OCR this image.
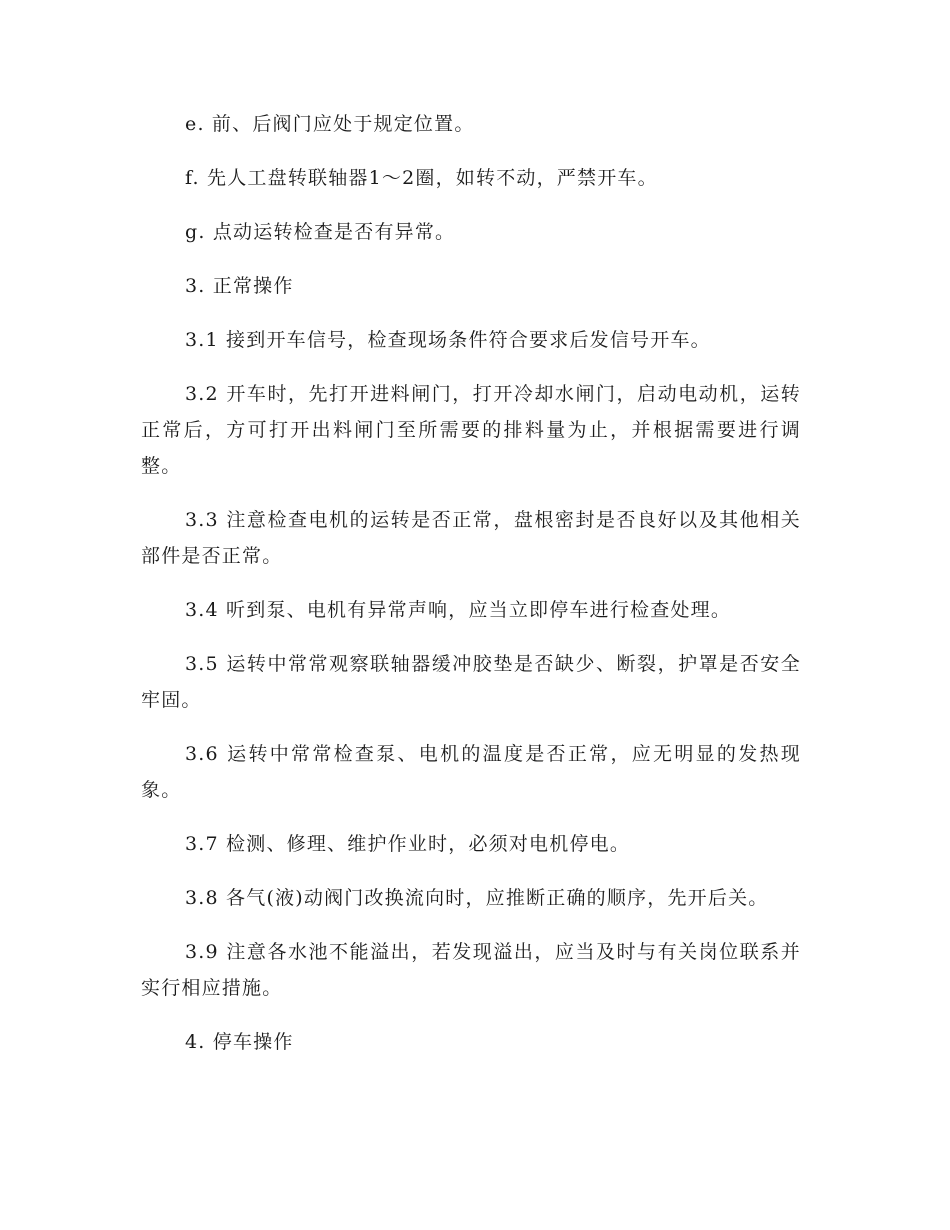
e. 前、后阀门应处于规定位置。

f. 先人工盘转联轴器1～2圈，如转不动，严禁开车。

g. 点动运转检查是否有异常。

3. 正常操作

3.1 接到开车信号，检查现场条件符合要求后发信号开车。

3.2 开车时，先打开进料闸门，打开冷却水闸门，启动电动机，运转正常后，方可打开出料闸门至所需要的排料量为止，并根据需要进行调整。

3.3 注意检查电机的运转是否正常，盘根密封是否良好以及其他相关部件是否正常。

3.4 听到泵、电机有异常声响，应当立即停车进行检查处理。

3.5 运转中常常观察联轴器缓冲胶垫是否缺少、断裂，护罩是否安全牢固。

3.6 运转中常常检查泵、电机的温度是否正常，应无明显的发热现象。

3.7 检测、修理、维护作业时，必须对电机停电。

3.8 各气(液)动阀门改换流向时，应推断正确的顺序，先开后关。

3.9 注意各水池不能溢出，若发现溢出，应当及时与有关岗位联系并实行相应措施。

4. 停车操作
